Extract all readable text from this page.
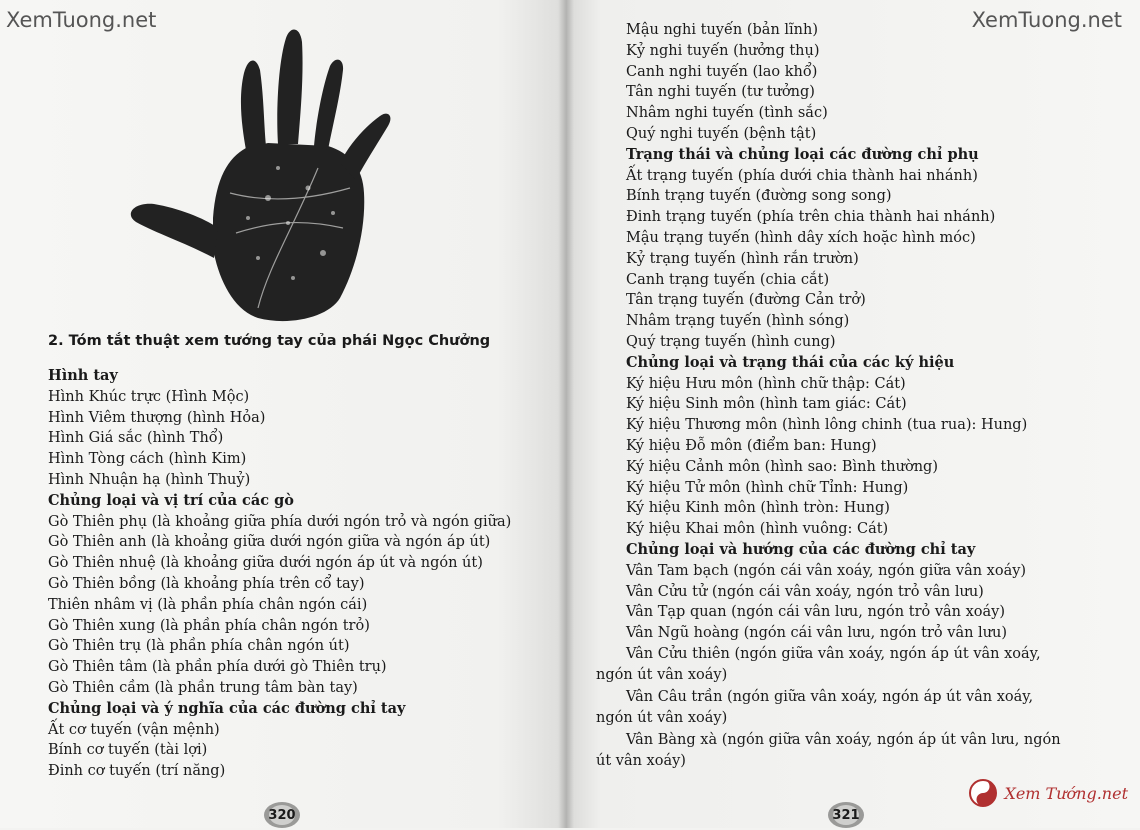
XemTuong.net	XemTuong.net
2. Tóm tắt thuật xem tướng tay của phái Ngọc Chưởng
Hình tay
Hình Khúc trực (Hình Mộc)
Hình Viêm thượng (hình Hỏa)
Hình Giá sắc (hình Thổ)
Hình Tòng cách (hình Kim)
Hình Nhuận hạ (hình Thuỷ)
Chủng loại và vị trí của các gò
Gò Thiên phụ (là khoảng giữa phía dưới ngón trỏ và ngón giữa)
Gò Thiên anh (là khoảng giữa dưới ngón giữa và ngón áp út)
Gò Thiên nhuệ (là khoảng giữa dưới ngón áp út và ngón út)
Gò Thiên bồng (là khoảng phía trên cổ tay)
Thiên nhâm vị (là phần phía chân ngón cái)
Gò Thiên xung (là phần phía chân ngón trỏ)
Gò Thiên trụ (là phần phía chân ngón út)
Gò Thiên tâm (là phần phía dưới gò Thiên trụ)
Gò Thiên cầm (là phần trung tâm bàn tay)
Chủng loại và ý nghĩa của các đường chỉ tay
Ất cơ tuyến (vận mệnh)
Bính cơ tuyến (tài lợi)
Đinh cơ tuyến (trí năng)
Mậu nghi tuyến (bản lĩnh)
Kỷ nghi tuyến (hưởng thụ)
Canh nghi tuyến (lao khổ)
Tân nghi tuyến (tư tưởng)
Nhâm nghi tuyến (tình sắc)
Quý nghi tuyến (bệnh tật)
Trạng thái và chủng loại các đường chỉ phụ
Ất trạng tuyến (phía dưới chia thành hai nhánh)
Bính trạng tuyến (đường song song)
Đinh trạng tuyến (phía trên chia thành hai nhánh)
Mậu trạng tuyến (hình dây xích hoặc hình móc)
Kỷ trạng tuyến (hình rắn trườn)
Canh trạng tuyến (chia cắt)
Tân trạng tuyến (đường Cản trở)
Nhâm trạng tuyến (hình sóng)
Quý trạng tuyến (hình cung)
Chủng loại và trạng thái của các ký hiệu
Ký hiệu Hưu môn (hình chữ thập: Cát)
Ký hiệu Sinh môn (hình tam giác: Cát)
Ký hiệu Thương môn (hình lông chinh (tua rua): Hung)
Ký hiệu Đỗ môn (điểm ban: Hung)
Ký hiệu Cảnh môn (hình sao: Bình thường)
Ký hiệu Tử môn (hình chữ Tỉnh: Hung)
Ký hiệu Kinh môn (hình tròn: Hung)
Ký hiệu Khai môn (hình vuông: Cát)
Chủng loại và hướng của các đường chỉ tay
Vân Tam bạch (ngón cái vân xoáy, ngón giữa vân xoáy)
Vân Cửu tử (ngón cái vân xoáy, ngón trỏ vân lưu)
Vân Tạp quan (ngón cái vân lưu, ngón trỏ vân xoáy)
Vân Ngũ hoàng (ngón cái vân lưu, ngón trỏ vân lưu)
Vân Cửu thiên (ngón giữa vân xoáy, ngón áp út vân xoáy, ngón út vân xoáy)
Vân Câu trần (ngón giữa vân xoáy, ngón áp út vân xoáy, ngón út vân xoáy)
Vân Bàng xà (ngón giữa vân xoáy, ngón áp út vân lưu, ngón út vân xoáy)
320	321
Xem Tướng.net
